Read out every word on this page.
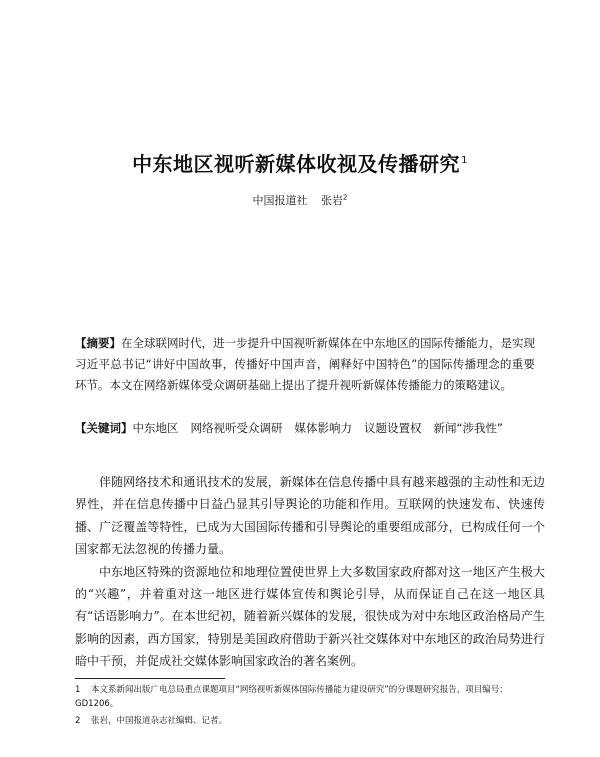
中东地区视听新媒体收视及传播研究$^1$
中国报道社 张岩$^2$
【摘要】在全球联网时代，进一步提升中国视听新媒体在中东地区的国际传播能力，是实现习近平总书记“讲好中国故事，传播好中国声音，阐释好中国特色”的国际传播理念的重要环节。本文在网络新媒体受众调研基础上提出了提升视听新媒体传播能力的策略建议。
【关键词】中东地区 网络视听受众调研 媒体影响力 议题设置权 新闻“涉我性”

伴随网络技术和通讯技术的发展，新媒体在信息传播中具有越来越强的主动性和无边界性，并在信息传播中日益凸显其引导舆论的功能和作用。互联网的快速发布、快速传播、广泛覆盖等特性，已成为大国国际传播和引导舆论的重要组成部分，已构成任何一个国家都无法忽视的传播力量。

中东地区特殊的资源地位和地理位置使世界上大多数国家政府都对这一地区产生极大的“兴趣”，并着重对这一地区进行媒体宣传和舆论引导，从而保证自己在这一地区具有“话语影响力”。在本世纪初，随着新兴媒体的发展，很快成为对中东地区政治格局产生影响的因素，西方国家，特别是美国政府借助于新兴社交媒体对中东地区的政治局势进行暗中干预，并促成社交媒体影响国家政治的著名案例。

1 本文系新闻出版广电总局重点课题项目“网络视听新媒体国际传播能力建设研究”的分课题研究报告，项目编号：GD1206。
2 张岩，中国报道杂志社编辑、记者。
